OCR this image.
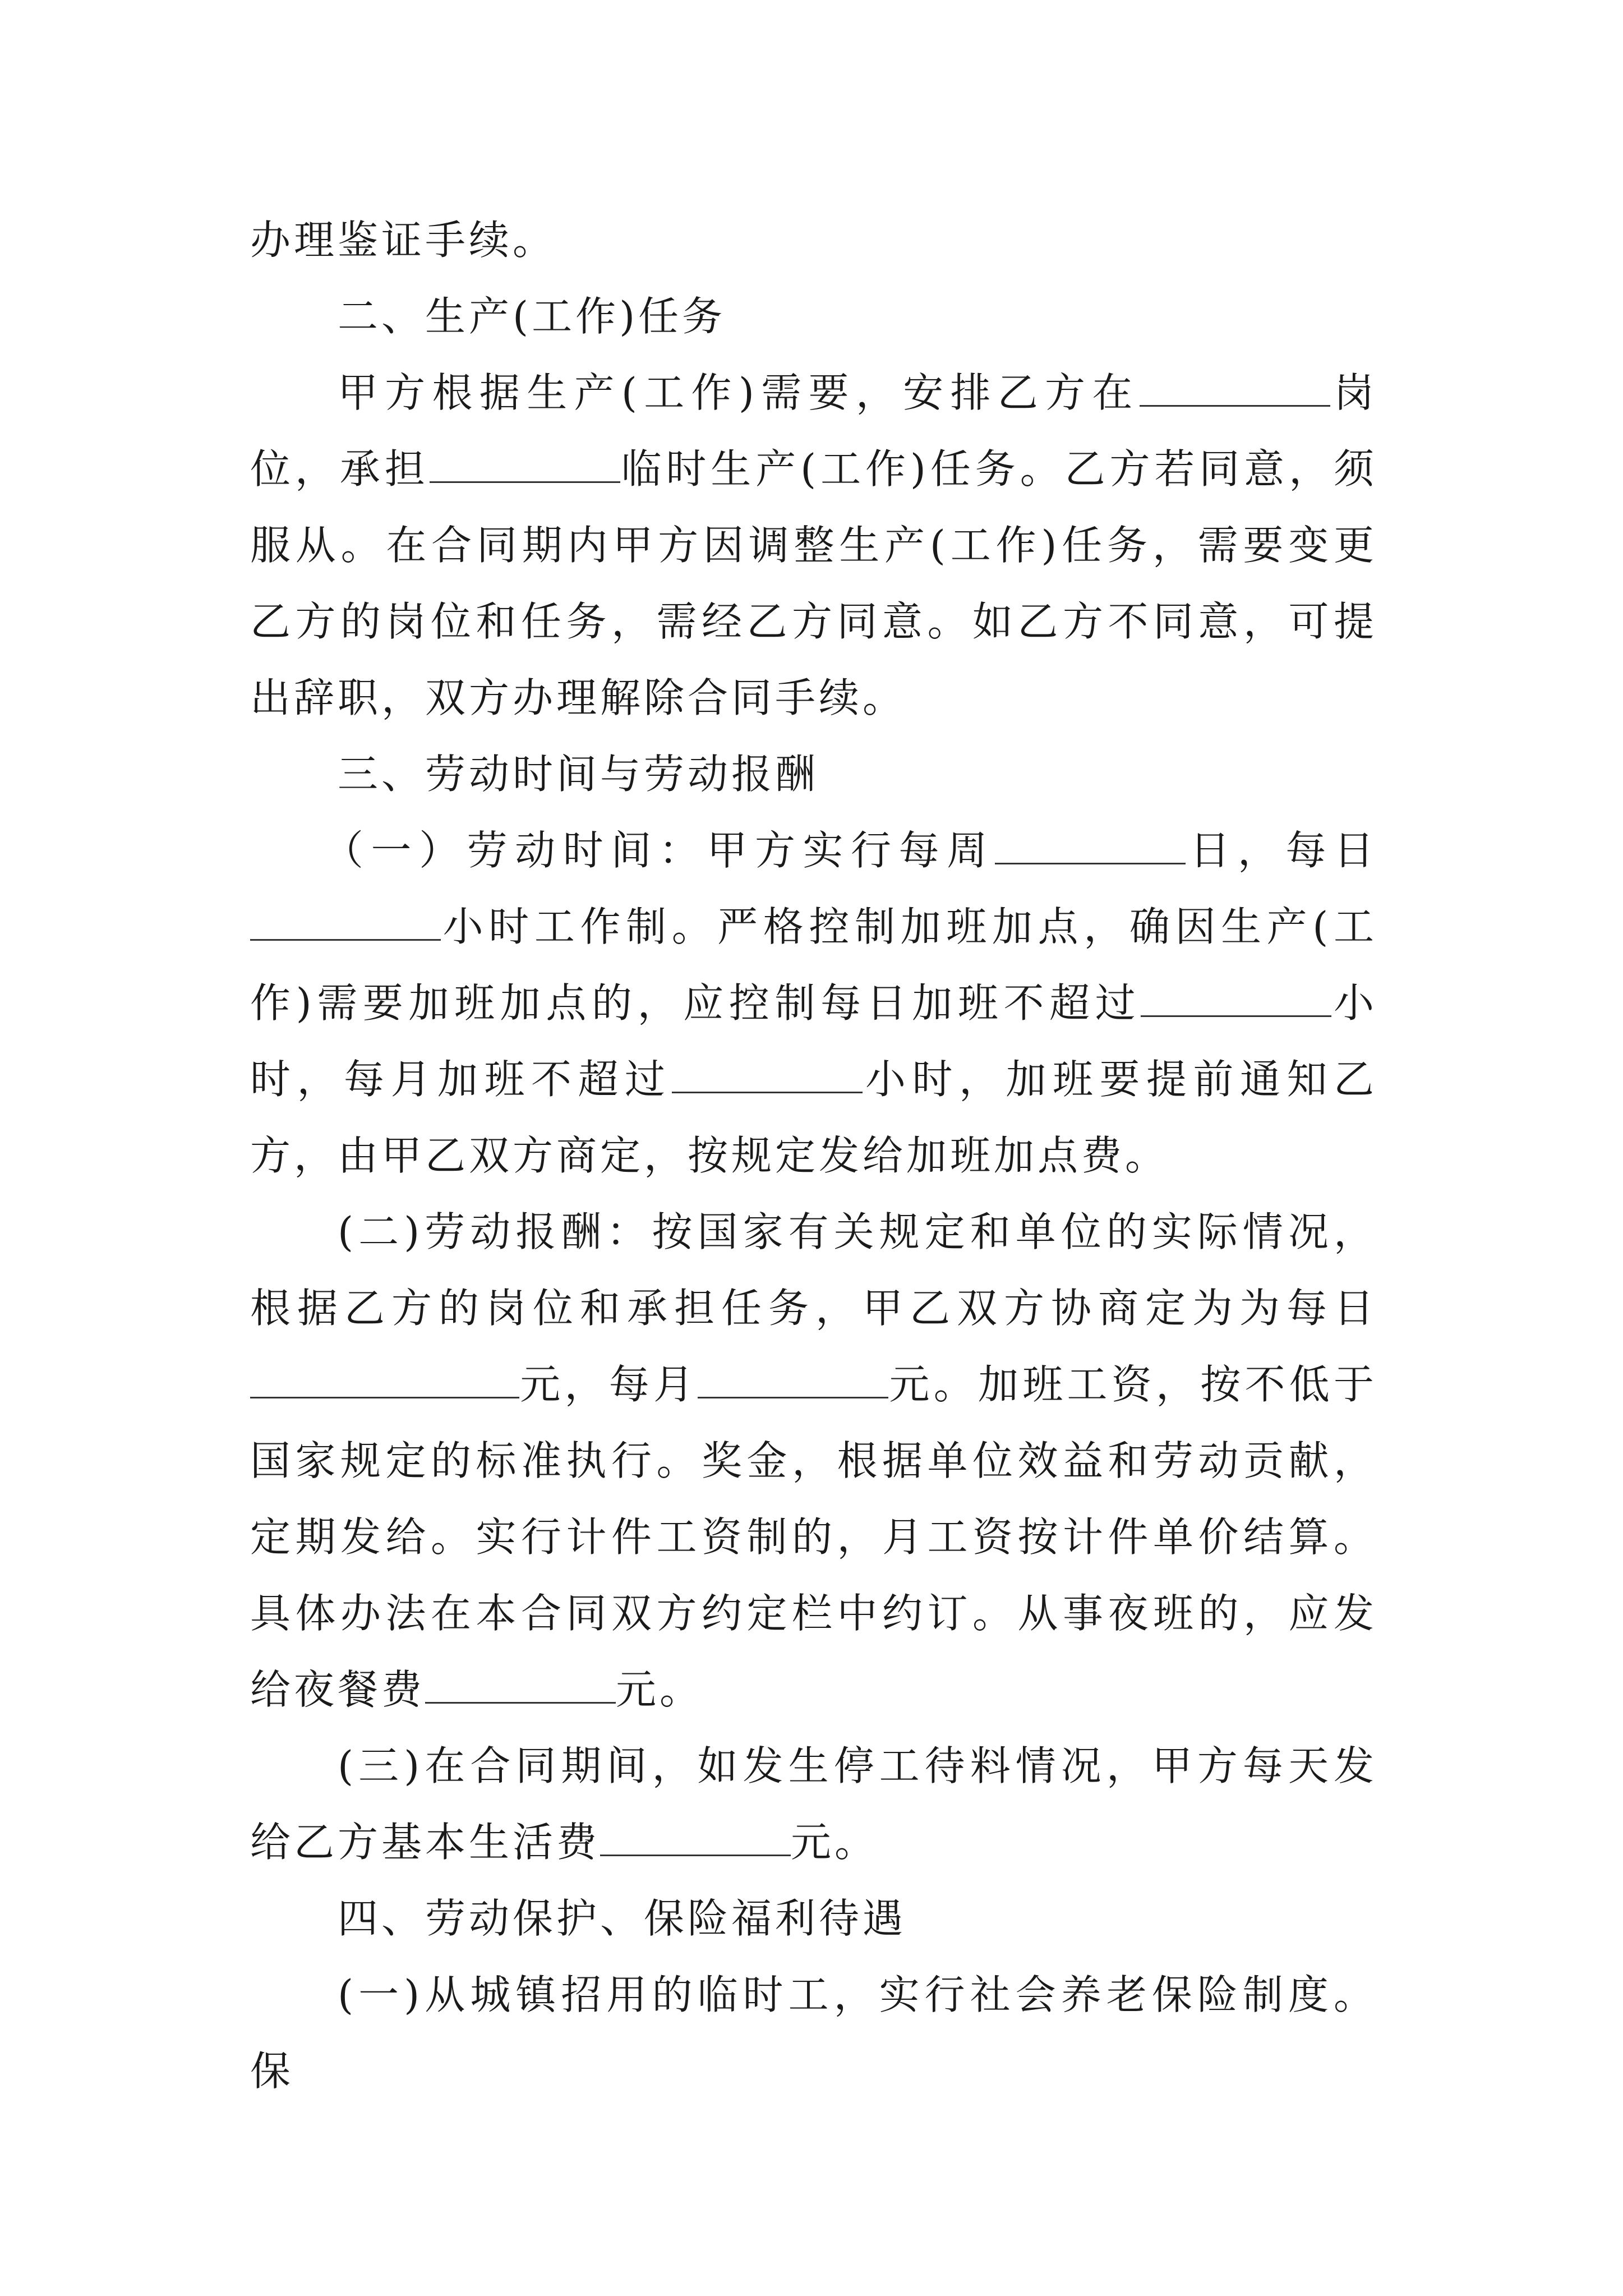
办理鉴证手续。

二、生产(工作)任务

甲方根据生产(工作)需要，安排乙方在	岗位，承担	临时生产(工作)任务。乙方若同意，须服从。在合同期内甲方因调整生产(工作)任务，需要变更乙方的岗位和任务，需经乙方同意。如乙方不同意，可提出辞职，双方办理解除合同手续。

三、劳动时间与劳动报酬

（一）劳动时间：甲方实行每周	日，每日小时工作制。严格控制加班加点，确因生产(工作)需要加班加点的，应控制每日加班不超过	小时，每月加班不超过	小时，加班要提前通知乙方，由甲乙双方商定，按规定发给加班加点费。

(二)劳动报酬：按国家有关规定和单位的实际情况，根据乙方的岗位和承担任务，甲乙双方协商定为为每日元，每月	元。加班工资，按不低于国家规定的标准执行。奖金，根据单位效益和劳动贡献，定期发给。实行计件工资制的，月工资按计件单价结算。具体办法在本合同双方约定栏中约订。从事夜班的，应发给夜餐费	元。

(三)在合同期间，如发生停工待料情况，甲方每天发给乙方基本生活费	元。

四、劳动保护、保险福利待遇

(一)从城镇招用的临时工，实行社会养老保险制度。保
